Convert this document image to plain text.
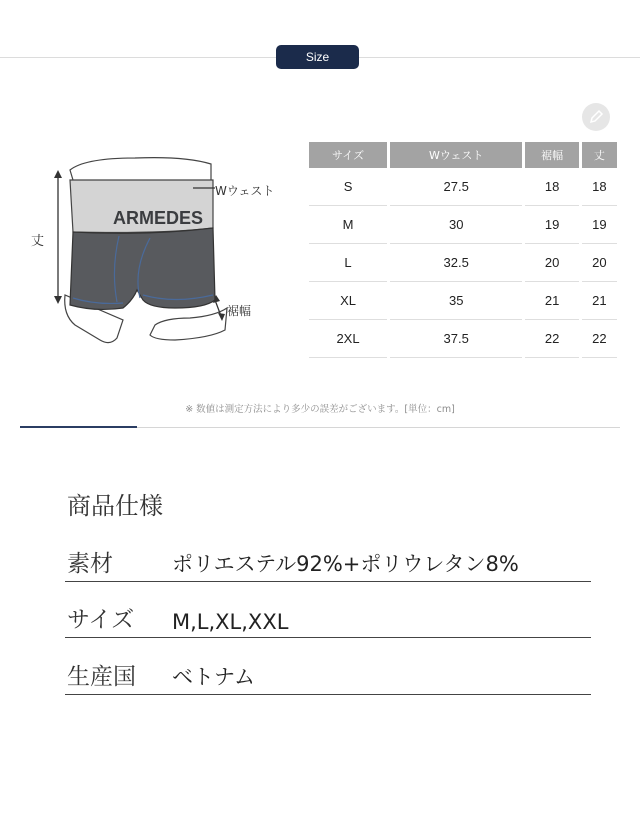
Size
ARMEDES
丈
Wウェスト
裾幅
サイズ	Wウェスト	裾幅	丈
S	27.5	18	18
M	30	19	19
L	32.5	20	20
XL	35	21	21
2XL	37.5	22	22
※ 数値は測定方法により多少の誤差がございます。[単位：cm]
商品仕様
素材	ポリエステル92%+ポリウレタン8%
サイズ M,L,XL,XXL
生産国 ベトナム
